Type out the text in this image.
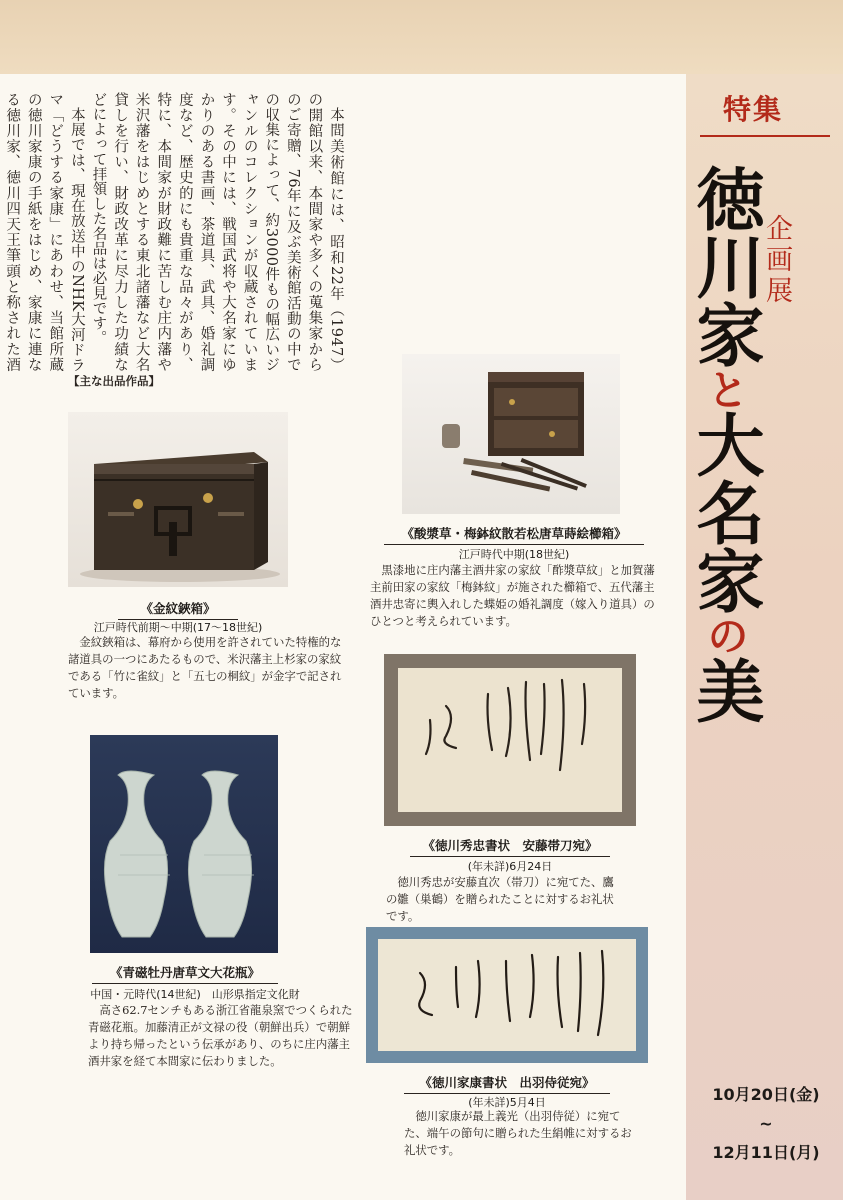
本間美術館には、昭和22年（1947）の開館以来、本間家や多くの蒐集家からのご寄贈、76年に及ぶ美術館活動の中での収集によって、約3000件もの幅広いジャンルのコレクションが収蔵されています。その中には、戦国武将や大名家にゆかりのある書画、茶道具、武具、婚礼調度など、歴史的にも貴重な品々があり、特に、本間家が財政難に苦しむ庄内藩や米沢藩をはじめとする東北諸藩など大名貸しを行い、財政改革に尽力した功績などによって拝領した名品は必見です。

本展では、現在放送中のNHK大河ドラマ「どうする家康」にあわせ、当館所蔵の徳川家康の手紙をはじめ、家康に連なる徳川家、徳川四天王筆頭と称された酒

【主な出品作品】
《金紋鋏箱》
江戸時代前期～中期(17～18世紀)

金紋鋏箱は、幕府から使用を許されていた特権的な諸道具の一つにあたるもので、米沢藩主上杉家の家紋である「竹に雀紋」と「五七の桐紋」が金字で記されています。

《酸漿草・梅鉢紋散若松唐草蒔絵櫛箱》
江戸時代中期(18世紀)

黒漆地に庄内藩主酒井家の家紋「酢漿草紋」と加賀藩主前田家の家紋「梅鉢紋」が施された櫛箱で、五代藩主酒井忠寄に輿入れした蝶姫の婚礼調度（嫁入り道具）のひとつと考えられています。

《徳川秀忠書状　安藤帯刀宛》
(年未詳)6月24日

徳川秀忠が安藤直次（帯刀）に宛てた、鷹の雛（巣鶴）を贈られたことに対するお礼状です。

《青磁牡丹唐草文大花瓶》
中国・元時代(14世紀)　山形県指定文化財

高さ62.7センチもある浙江省龍泉窯でつくられた青磁花瓶。加藤清正が文禄の役（朝鮮出兵）で朝鮮より持ち帰ったという伝承があり、のちに庄内藩主酒井家を経て本間家に伝わりました。

《徳川家康書状　出羽侍従宛》
(年未詳)5月4日

徳川家康が最上義光（出羽侍従）に宛てた、端午の節句に贈られた生絹帷に対するお礼状です。

特集
企画展
徳川家と大名家の美
10月20日(金)
~
12月11日(月)
